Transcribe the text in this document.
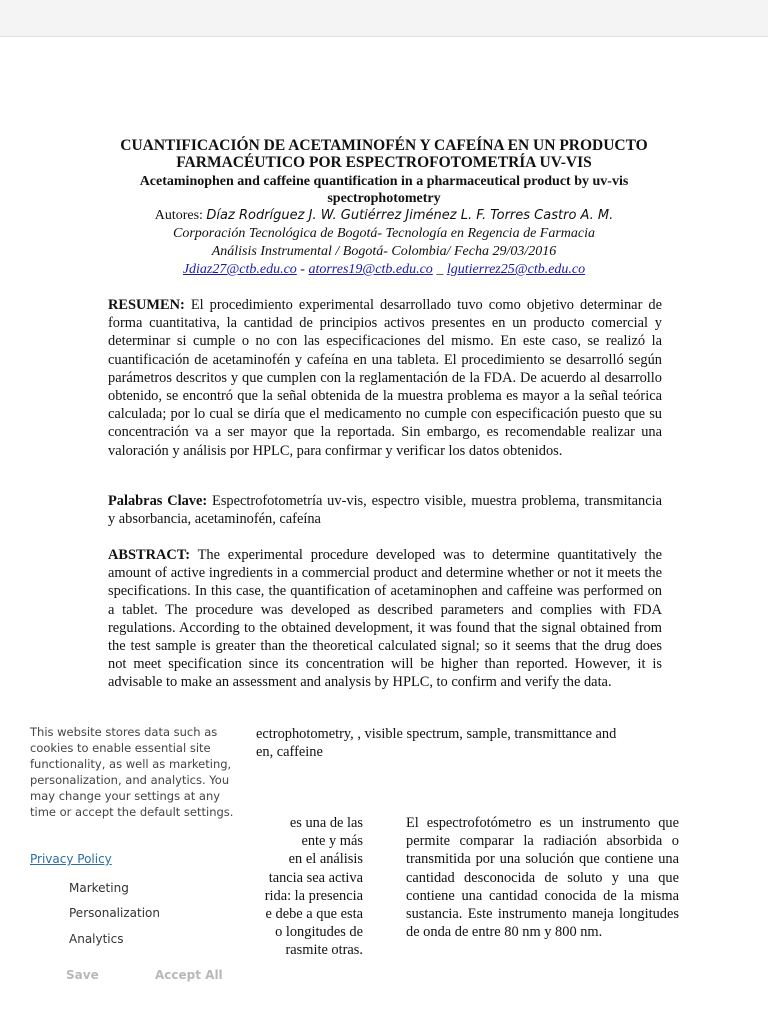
CUANTIFICACIÓN DE ACETAMINOFÉN Y CAFEÍNA EN UN PRODUCTO
FARMACÉUTICO POR ESPECTROFOTOMETRÍA UV-VIS
Acetaminophen and caffeine quantification in a pharmaceutical product by uv-vis
spectrophotometry
Autores: Díaz Rodríguez J. W. Gutiérrez Jiménez L. F. Torres Castro A. M.
Corporación Tecnológica de Bogotá- Tecnología en Regencia de Farmacia
Análisis Instrumental / Bogotá- Colombia/ Fecha 29/03/2016
Jdiaz27@ctb.edu.co - atorres19@ctb.edu.co _ lgutierrez25@ctb.edu.co
RESUMEN: El procedimiento experimental desarrollado tuvo como objetivo determinar de forma cuantitativa, la cantidad de principios activos presentes en un producto comercial y determinar si cumple o no con las especificaciones del mismo. En este caso, se realizó la cuantificación de acetaminofén y cafeína en una tableta. El procedimiento se desarrolló según parámetros descritos y que cumplen con la reglamentación de la FDA. De acuerdo al desarrollo obtenido, se encontró que la señal obtenida de la muestra problema es mayor a la señal teórica calculada; por lo cual se diría que el medicamento no cumple con especificación puesto que su concentración va a ser mayor que la reportada. Sin embargo, es recomendable realizar una valoración y análisis por HPLC, para confirmar y verificar los datos obtenidos.
Palabras Clave: Espectrofotometría uv-vis, espectro visible, muestra problema, transmitancia y absorbancia, acetaminofén, cafeína
ABSTRACT: The experimental procedure developed was to determine quantitatively the amount of active ingredients in a commercial product and determine whether or not it meets the specifications. In this case, the quantification of acetaminophen and caffeine was performed on a tablet. The procedure was developed as described parameters and complies with FDA regulations. According to the obtained development, it was found that the signal obtained from the test sample is greater than the theoretical calculated signal; so it seems that the drug does not meet specification since its concentration will be higher than reported. However, it is advisable to make an assessment and analysis by HPLC, to confirm and verify the data.
ectrophotometry, , visible spectrum, sample, transmittance and
en, caffeine
es una de las
ente y más
en el análisis
tancia sea activa
rida: la presencia
e debe a que esta
o longitudes de
rasmite otras.
El espectrofotómetro es un instrumento que permite comparar la radiación absorbida o transmitida por una solución que contiene una cantidad desconocida de soluto y una que contiene una cantidad conocida de la misma sustancia. Este instrumento maneja longitudes de onda de entre 80 nm y 800 nm.
This website stores data such as cookies to enable essential site functionality, as well as marketing, personalization, and analytics. You may change your settings at any time or accept the default settings.
Privacy Policy
Marketing
Personalization
Analytics
Save	Accept All
